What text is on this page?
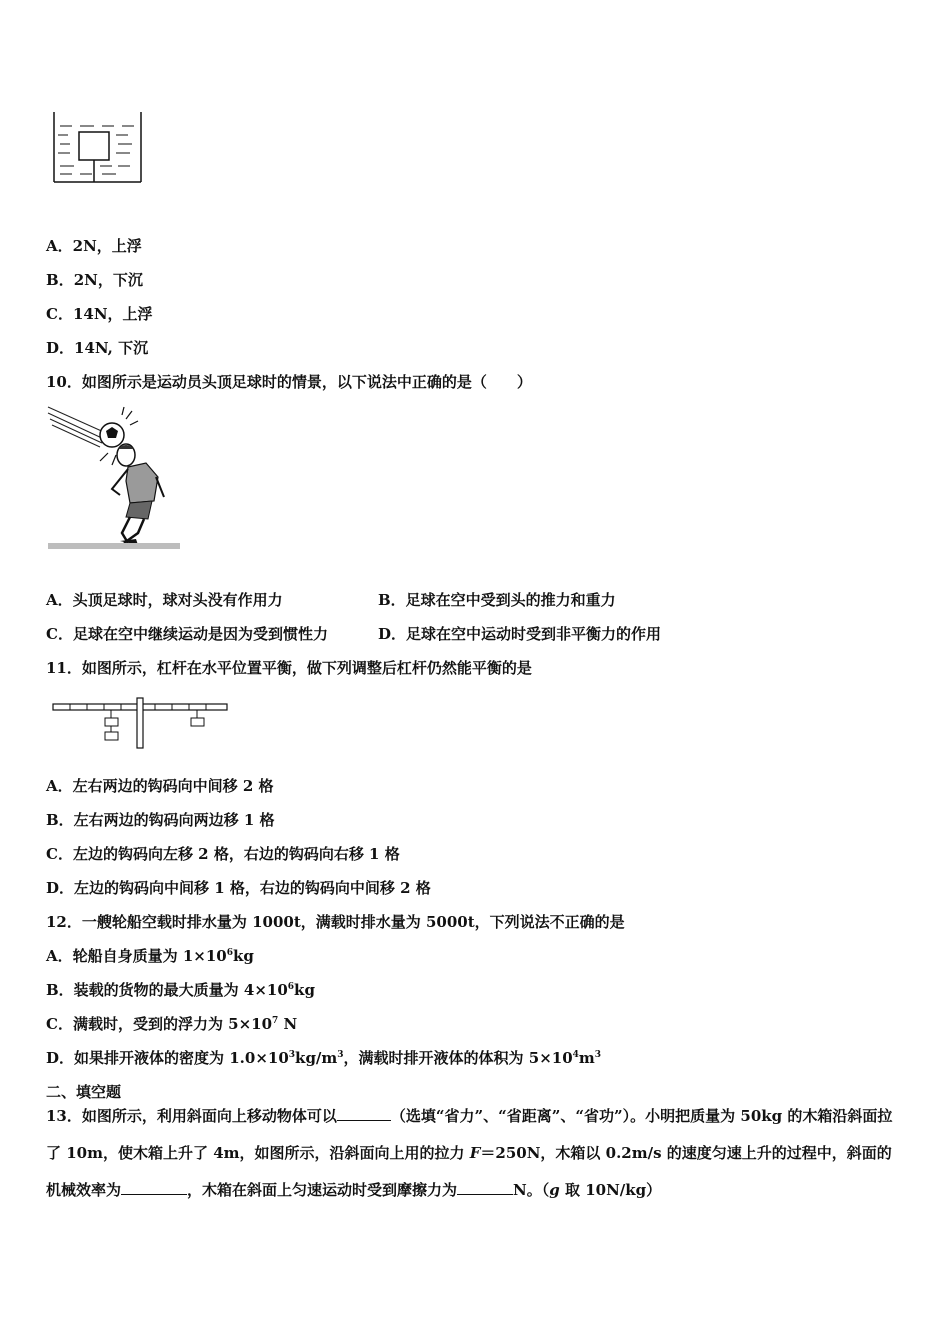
A．2N，上浮
B．2N，下沉
C．14N，上浮
D．14N, 下沉
10．如图所示是运动员头顶足球时的情景，以下说法中正确的是（　　）
A．头顶足球时，球对头没有作用力	B．足球在空中受到头的推力和重力
C．足球在空中继续运动是因为受到惯性力	D．足球在空中运动时受到非平衡力的作用
11．如图所示，杠杆在水平位置平衡，做下列调整后杠杆仍然能平衡的是
A．左右两边的钩码向中间移 2 格
B．左右两边的钩码向两边移 1 格
C．左边的钩码向左移 2 格，右边的钩码向右移 1 格
D．左边的钩码向中间移 1 格，右边的钩码向中间移 2 格
12．一艘轮船空载时排水量为 1000t，满载时排水量为 5000t，下列说法不正确的是
A．轮船自身质量为 $1\times 10^6kg$
B．装载的货物的最大质量为 $4\times 10^6kg$
C．满载时，受到的浮力为 $5\times 10^7$ N
D．如果排开液体的密度为 $1.0\times 10^3kg/m^3$，满载时排开液体的体积为 $5\times 10^4m^3$
二、填空题
13．如图所示，利用斜面向上移动物体可以	（选填“省力”、“省距离”、“省功”）。小明把质量为 50kg 的木箱沿斜面拉了 10m，使木箱上升了 4m，如图所示，沿斜面向上用的拉力 F＝250N，木箱以 0.2m/s 的速度匀速上升的过程中，斜面的机械效率为	，木箱在斜面上匀速运动时受到摩擦力为	N。（g 取 10N/kg）
